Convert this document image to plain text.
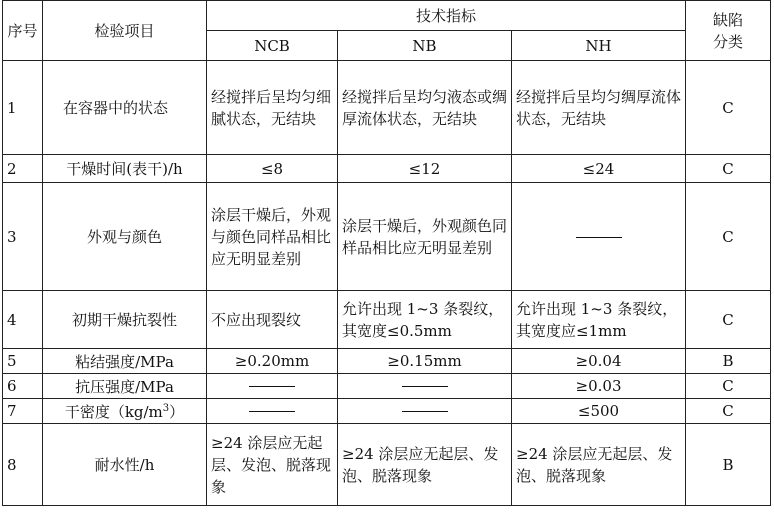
序号	检验项目	技术指标			缺陷分类
		NCB	NB	NH	
1	在容器中的状态	经搅拌后呈均匀细腻状态，无结块	经搅拌后呈均匀液态或绸厚流体状态，无结块	经搅拌后呈均匀绸厚流体状态，无结块	C
2	干燥时间(表干)/h	≤8	≤12	≤24	C
3	外观与颜色	涂层干燥后，外观与颜色同样品相比应无明显差别	涂层干燥后，外观颜色同样品相比应无明显差别		C
4	初期干燥抗裂性	不应出现裂纹	允许出现 1~3 条裂纹，其宽度≤0.5mm	允许出现 1~3 条裂纹，其宽度应≤1mm	C
5	粘结强度/MPa	≥0.20mm	≥0.15mm	≥0.04	B
6	抗压强度/MPa			≥0.03	C
7	干密度$(kg/m^3)$			≤500	C
8	耐水性/h	≥24 涂层应无起层、发泡、脱落现象	≥24 涂层应无起层、发泡、脱落现象	≥24 涂层应无起层、发泡、脱落现象	B
